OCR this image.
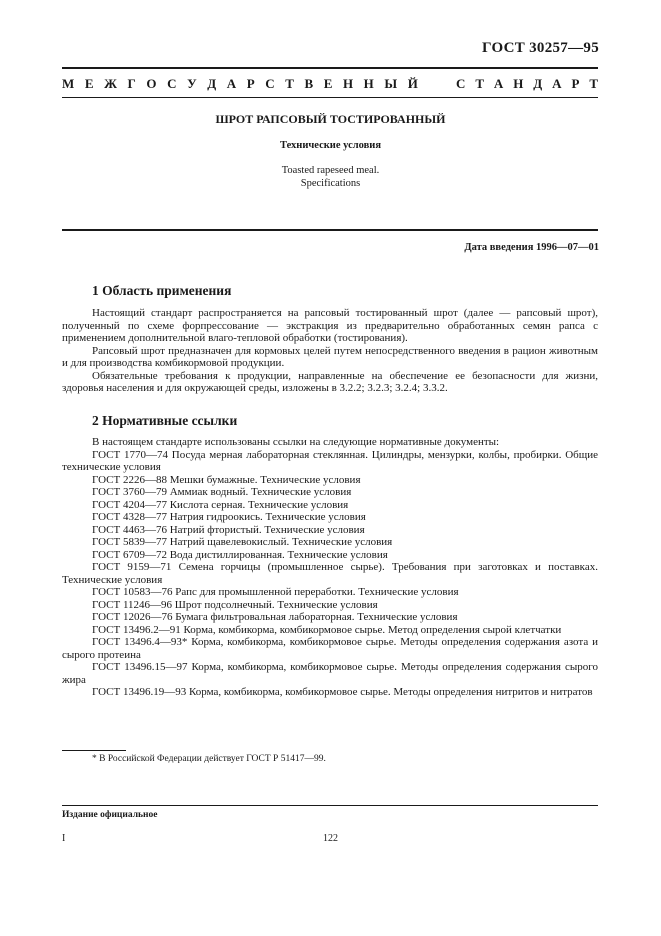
ГОСТ 30257—95
М Е Ж Г О С У Д А Р С Т В Е Н Н Ы Й	С Т А Н Д А Р Т
ШРОТ РАПСОВЫЙ ТОСТИРОВАННЫЙ
Технические условия
Toasted rapeseed meal.
Specifications
Дата введения 1996—07—01
1 Область применения

Настоящий стандарт распространяется на рапсовый тостированный шрот (далее — рапсовый шрот), полученный по схеме форпрессование — экстракция из предварительно обработанных семян рапса с применением дополнительной влаго-тепловой обработки (тостирования).

Рапсовый шрот предназначен для кормовых целей путем непосредственного введения в рацион животным и для производства комбикормовой продукции.

Обязательные требования к продукции, направленные на обеспечение ее безопасности для жизни, здоровья населения и для окружающей среды, изложены в 3.2.2; 3.2.3; 3.2.4; 3.3.2.

2 Нормативные ссылки

В настоящем стандарте использованы ссылки на следующие нормативные документы:

ГОСТ 1770—74 Посуда мерная лабораторная стеклянная. Цилиндры, мензурки, колбы, пробирки. Общие технические условия

ГОСТ 2226—88 Мешки бумажные. Технические условия

ГОСТ 3760—79 Аммиак водный. Технические условия

ГОСТ 4204—77 Кислота серная. Технические условия

ГОСТ 4328—77 Натрия гидроокись. Технические условия

ГОСТ 4463—76 Натрий фтористый. Технические условия

ГОСТ 5839—77 Натрий щавелевокислый. Технические условия

ГОСТ 6709—72 Вода дистиллированная. Технические условия

ГОСТ 9159—71 Семена горчицы (промышленное сырье). Требования при заготовках и поставках. Технические условия

ГОСТ 10583—76 Рапс для промышленной переработки. Технические условия

ГОСТ 11246—96 Шрот подсолнечный. Технические условия

ГОСТ 12026—76 Бумага фильтровальная лабораторная. Технические условия

ГОСТ 13496.2—91 Корма, комбикорма, комбикормовое сырье. Метод определения сырой клетчатки

ГОСТ 13496.4—93* Корма, комбикорма, комбикормовое сырье. Методы определения содержания азота и сырого протеина

ГОСТ 13496.15—97 Корма, комбикорма, комбикормовое сырье. Методы определения содержания сырого жира

ГОСТ 13496.19—93 Корма, комбикорма, комбикормовое сырье. Методы определения нитритов и нитратов

* В Российской Федерации действует ГОСТ Р 51417—99.
Издание официальное
I	122
